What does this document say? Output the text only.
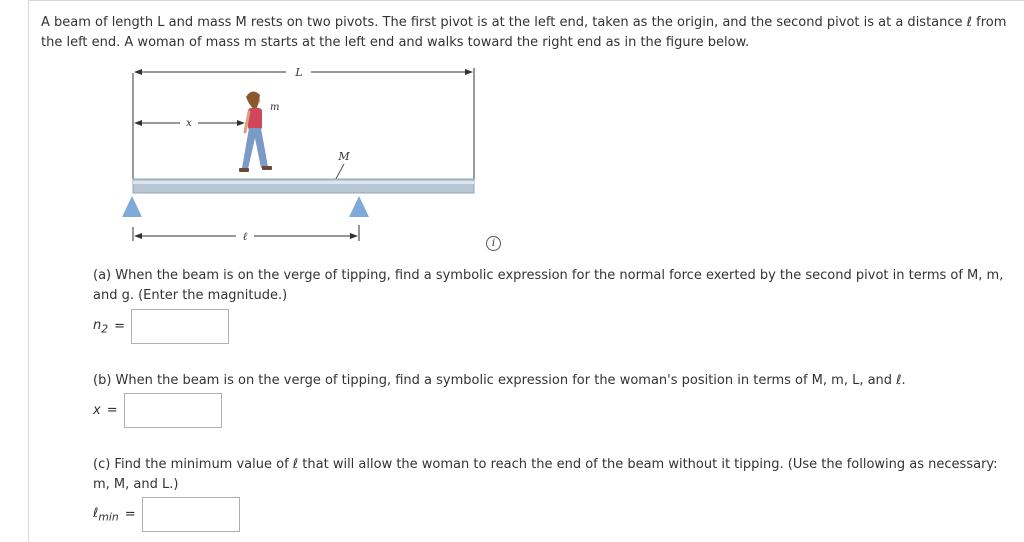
A beam of length L and mass M rests on two pivots. The first pivot is at the left end, taken as the origin, and the second pivot is at a distance ℓ from the left end. A woman of mass m starts at the left end and walks toward the right end as in the figure below.
L
x
m
M
ℓ
i
(a) When the beam is on the verge of tipping, find a symbolic expression for the normal force exerted by the second pivot in terms of M, m, and g. (Enter the magnitude.)
$n_2$ =
(b) When the beam is on the verge of tipping, find a symbolic expression for the woman's position in terms of M, m, L, and ℓ.
x =
(c) Find the minimum value of ℓ that will allow the woman to reach the end of the beam without it tipping. (Use the following as necessary: m, M, and L.)
ℓ$_{min}$ =
